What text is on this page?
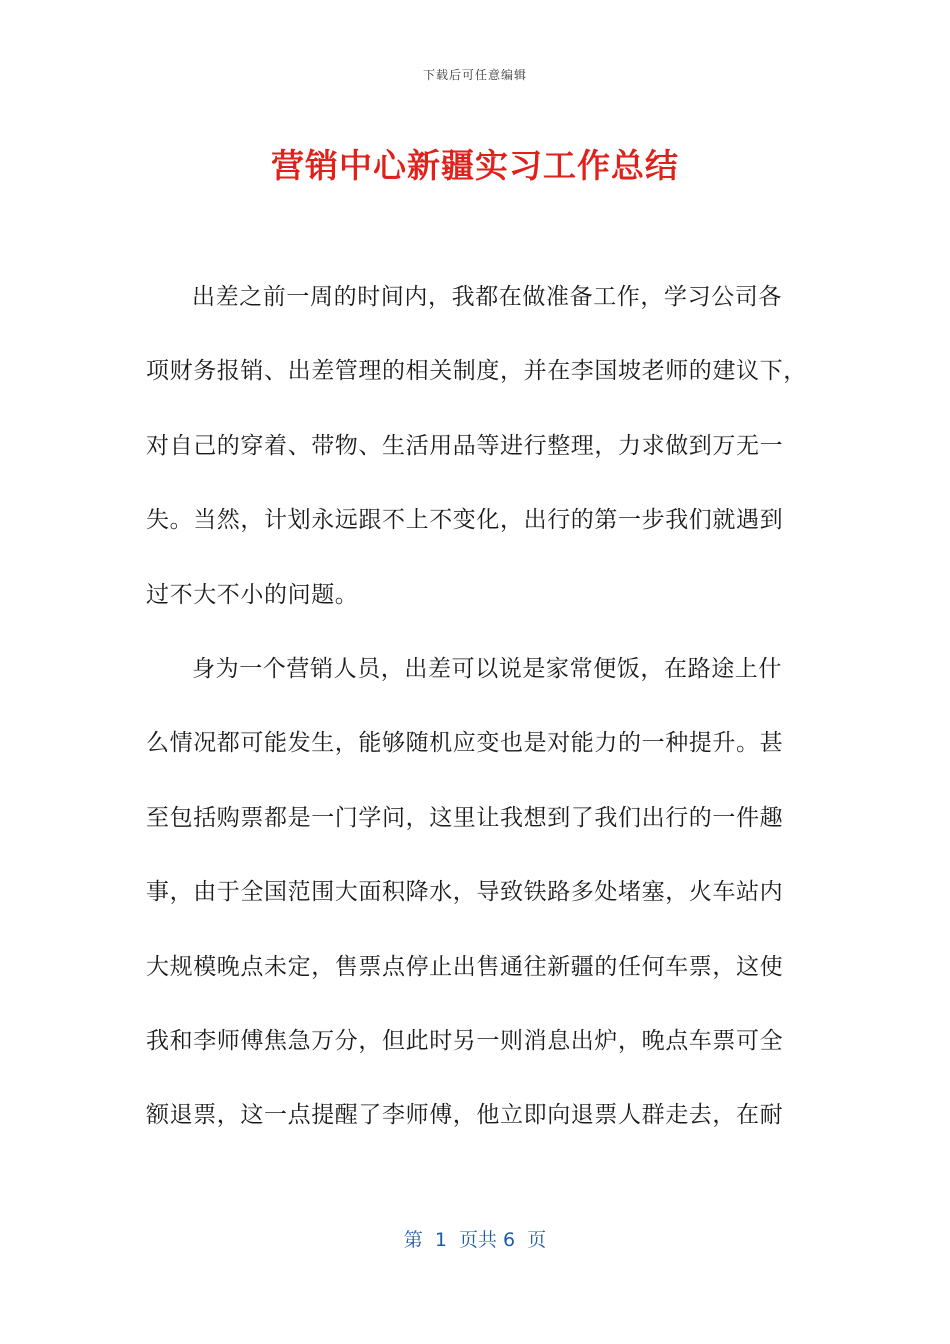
下载后可任意编辑
营销中心新疆实习工作总结
出差之前一周的时间内，我都在做准备工作，学习公司各
项财务报销、出差管理的相关制度，并在李国坡老师的建议下，
对自己的穿着、带物、生活用品等进行整理，力求做到万无一
失。当然，计划永远跟不上不变化，出行的第一步我们就遇到
过不大不小的问题。
身为一个营销人员，出差可以说是家常便饭，在路途上什
么情况都可能发生，能够随机应变也是对能力的一种提升。甚
至包括购票都是一门学问，这里让我想到了我们出行的一件趣
事，由于全国范围大面积降水，导致铁路多处堵塞，火车站内
大规模晚点未定，售票点停止出售通往新疆的任何车票，这使
我和李师傅焦急万分，但此时另一则消息出炉，晚点车票可全
额退票，这一点提醒了李师傅，他立即向退票人群走去，在耐
第  1  页共 6  页
